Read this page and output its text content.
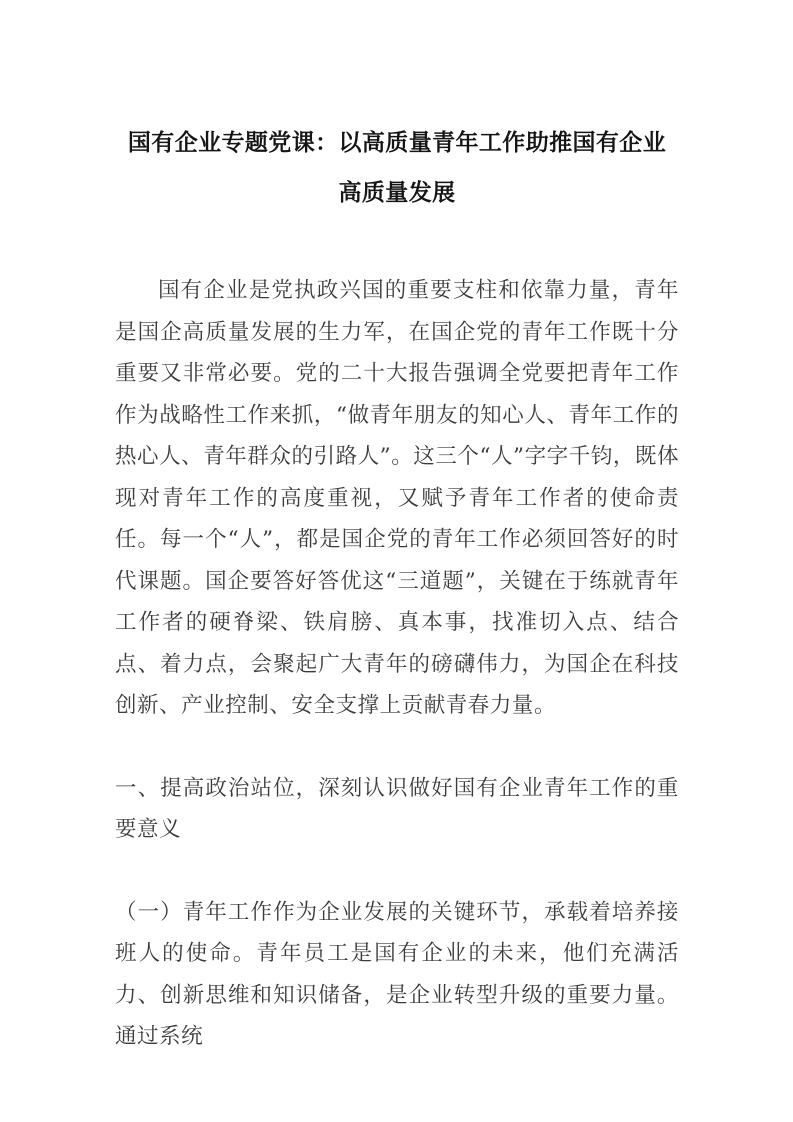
国有企业专题党课：以高质量青年工作助推国有企业
高质量发展

国有企业是党执政兴国的重要支柱和依靠力量，青年是国企高质量发展的生力军，在国企党的青年工作既十分重要又非常必要。党的二十大报告强调全党要把青年工作作为战略性工作来抓，“做青年朋友的知心人、青年工作的热心人、青年群众的引路人”。这三个“人”字字千钧，既体现对青年工作的高度重视，又赋予青年工作者的使命责任。每一个“人”，都是国企党的青年工作必须回答好的时代课题。国企要答好答优这“三道题”，关键在于练就青年工作者的硬脊梁、铁肩膀、真本事，找准切入点、结合点、着力点，会聚起广大青年的磅礴伟力，为国企在科技创新、产业控制、安全支撑上贡献青春力量。

一、提高政治站位，深刻认识做好国有企业青年工作的重要意义

（一）青年工作作为企业发展的关键环节，承载着培养接班人的使命。青年员工是国有企业的未来，他们充满活力、创新思维和知识储备，是企业转型升级的重要力量。通过系统
